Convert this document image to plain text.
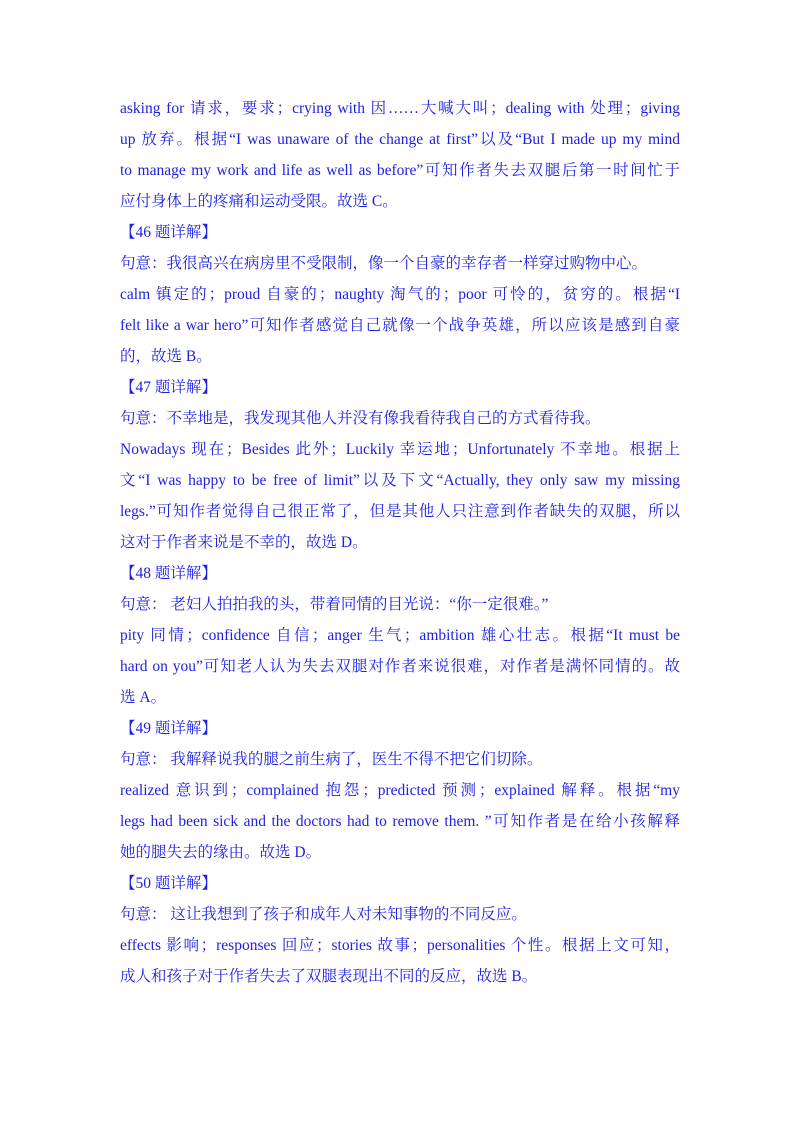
asking for 请求，要求；crying with 因……大喊大叫；dealing with 处理；giving

up 放弃。根据“I was unaware of the change at first”以及“But I made up my mind

to manage my work and life as well as before”可知作者失去双腿后第一时间忙于

应付身体上的疼痛和运动受限。故选 C。

【46 题详解】

句意：我很高兴在病房里不受限制，像一个自豪的幸存者一样穿过购物中心。

calm 镇定的；proud 自豪的；naughty 淘气的；poor 可怜的，贫穷的。根据“I

felt like a war hero”可知作者感觉自己就像一个战争英雄，所以应该是感到自豪

的，故选 B。

【47 题详解】

句意：不幸地是，我发现其他人并没有像我看待我自己的方式看待我。

Nowadays 现在；Besides 此外；Luckily 幸运地；Unfortunately 不幸地。根据上

文“I was happy to be free of limit”以及下文“Actually, they only saw my missing

legs.”可知作者觉得自己很正常了，但是其他人只注意到作者缺失的双腿，所以

这对于作者来说是不幸的，故选 D。

【48 题详解】

句意： 老妇人拍拍我的头，带着同情的目光说：“你一定很难。”

pity 同情；confidence 自信；anger 生气；ambition 雄心壮志。根据“It must be

hard on you”可知老人认为失去双腿对作者来说很难，对作者是满怀同情的。故

选 A。

【49 题详解】

句意： 我解释说我的腿之前生病了，医生不得不把它们切除。

realized 意识到；complained 抱怨；predicted 预测；explained 解释。根据“my

legs had been sick and the doctors had to remove them. ”可知作者是在给小孩解释

她的腿失去的缘由。故选 D。

【50 题详解】

句意： 这让我想到了孩子和成年人对未知事物的不同反应。

effects 影响；responses 回应；stories 故事；personalities 个性。根据上文可知，

成人和孩子对于作者失去了双腿表现出不同的反应，故选 B。
